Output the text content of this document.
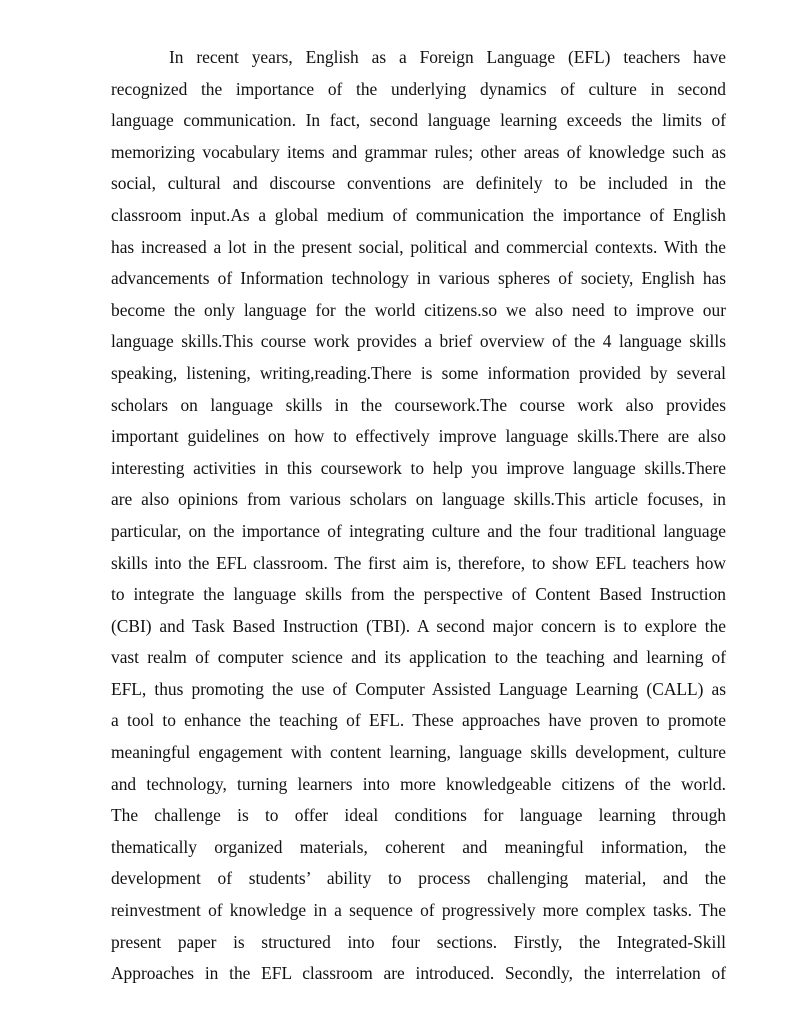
In recent years, English as a Foreign Language (EFL) teachers have
recognized the importance of the underlying dynamics of culture in second
language communication. In fact, second language learning exceeds the limits of
memorizing vocabulary items and grammar rules; other areas of knowledge such as
social, cultural and discourse conventions are definitely to be included in the
classroom input.As a global medium of communication the importance of English
has increased a lot in the present social, political and commercial contexts. With the
advancements of Information technology in various spheres of society, English has
become the only language for the world citizens.so we also need to improve our
language skills.This course work provides a brief overview of the 4 language skills
speaking, listening, writing,reading.There is some information provided by several
scholars on language skills in the coursework.The course work also provides
important guidelines on how to effectively improve language skills.There are also
interesting activities in this coursework to help you improve language skills.There
are also opinions from various scholars on language skills.This article focuses, in
particular, on the importance of integrating culture and the four traditional language
skills into the EFL classroom. The first aim is, therefore, to show EFL teachers how
to integrate the language skills from the perspective of Content Based Instruction
(CBI) and Task Based Instruction (TBI). A second major concern is to explore the
vast realm of computer science and its application to the teaching and learning of
EFL, thus promoting the use of Computer Assisted Language Learning (CALL) as
a tool to enhance the teaching of EFL. These approaches have proven to promote
meaningful engagement with content learning, language skills development, culture
and technology, turning learners into more knowledgeable citizens of the world.
The challenge is to offer ideal conditions for language learning through
thematically organized materials, coherent and meaningful information, the
development of students’ ability to process challenging material, and the
reinvestment of knowledge in a sequence of progressively more complex tasks. The
present paper is structured into four sections. Firstly, the Integrated-Skill
Approaches in the EFL classroom are introduced. Secondly, the interrelation of
